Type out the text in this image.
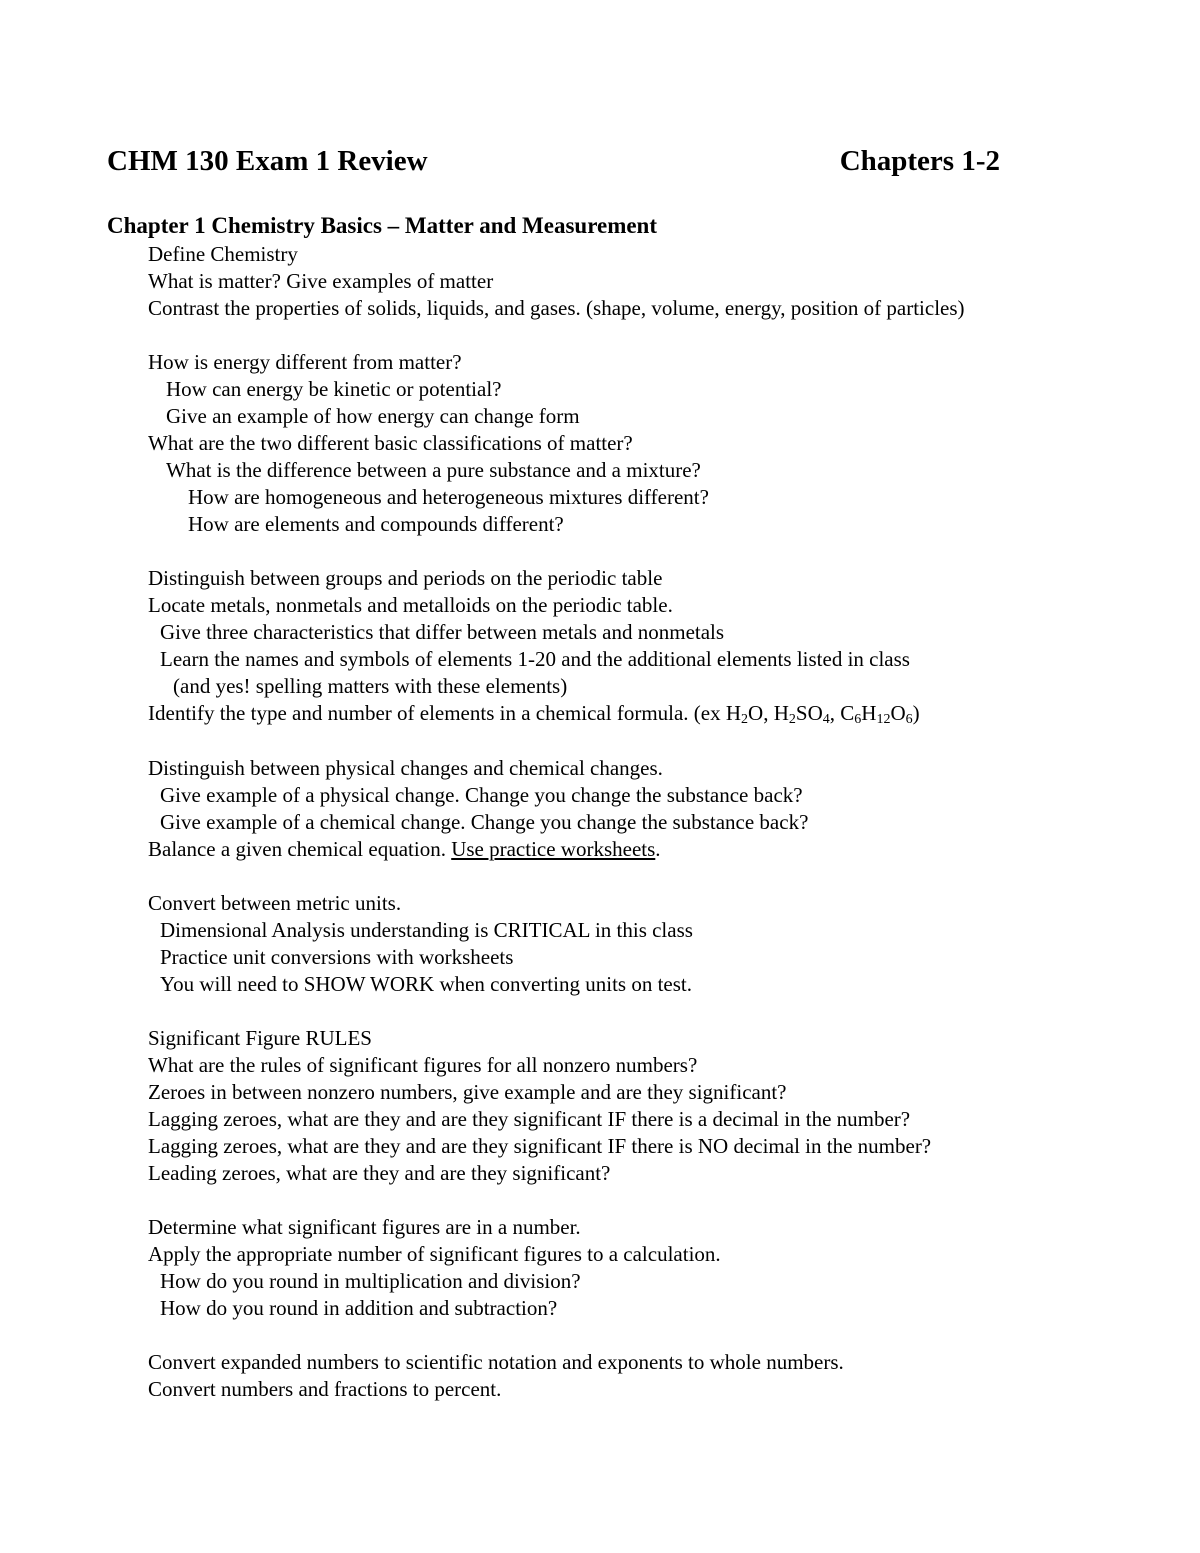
CHM 130 Exam 1 Review	Chapters 1-2
Chapter 1 Chemistry Basics – Matter and Measurement
Define Chemistry
What is matter? Give examples of matter
Contrast the properties of solids, liquids, and gases. (shape, volume, energy, position of particles)
How is energy different from matter?
How can energy be kinetic or potential?
Give an example of how energy can change form
What are the two different basic classifications of matter?
What is the difference between a pure substance and a mixture?
How are homogeneous and heterogeneous mixtures different?
How are elements and compounds different?
Distinguish between groups and periods on the periodic table
Locate metals, nonmetals and metalloids on the periodic table.
Give three characteristics that differ between metals and nonmetals
Learn the names and symbols of elements 1-20 and the additional elements listed in class
(and yes! spelling matters with these elements)
Identify the type and number of elements in a chemical formula. (ex $H_2O$, $H_2SO_4$, $C_6H_{12}O_6$)
Distinguish between physical changes and chemical changes.
Give example of a physical change. Change you change the substance back?
Give example of a chemical change. Change you change the substance back?
Balance a given chemical equation. Use practice worksheets.
Convert between metric units.
Dimensional Analysis understanding is CRITICAL in this class
Practice unit conversions with worksheets
You will need to SHOW WORK when converting units on test.
Significant Figure RULES
What are the rules of significant figures for all nonzero numbers?
Zeroes in between nonzero numbers, give example and are they significant?
Lagging zeroes, what are they and are they significant IF there is a decimal in the number?
Lagging zeroes, what are they and are they significant IF there is NO decimal in the number?
Leading zeroes, what are they and are they significant?
Determine what significant figures are in a number.
Apply the appropriate number of significant figures to a calculation.
How do you round in multiplication and division?
How do you round in addition and subtraction?
Convert expanded numbers to scientific notation and exponents to whole numbers.
Convert numbers and fractions to percent.
